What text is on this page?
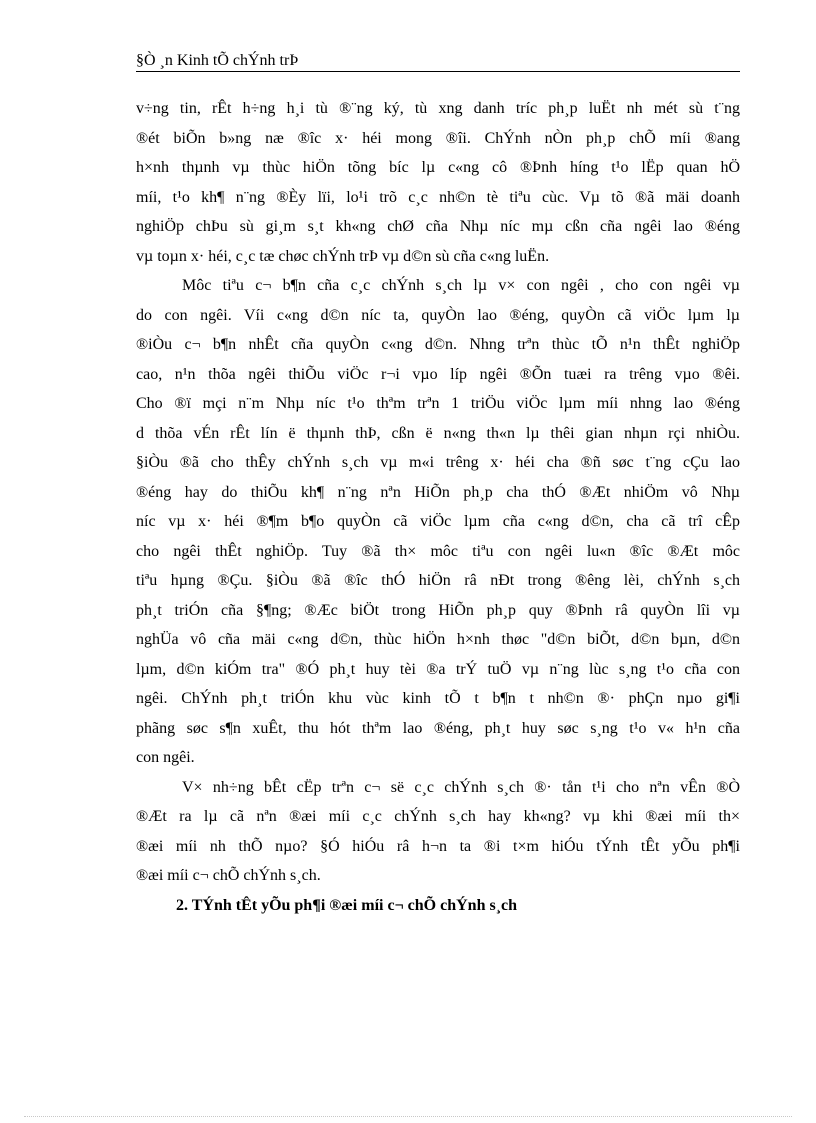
§Ò ¸n Kinh tÕ chÝnh trÞ
v÷ng tin, rÊt h÷ng h¸i tù ®¨ng ký, tù xng danh tríc ph¸p luËt nh mét sù t¨ng
®ét biÕn b»ng næ ®îc x· héi mong ®îi. ChÝnh nÒn ph¸p chÕ míi ®ang
h×nh thµnh vµ thùc hiÖn tõng bíc lµ c«ng cô ®Þnh híng t¹o lËp quan hÖ
míi, t¹o kh¶ n¨ng ®Èy lïi, lo¹i trõ c¸c nh©n tè tiªu cùc. Vµ tõ ®ã mäi doanh
nghiÖp chÞu sù gi¸m s¸t kh«ng chØ cña Nhµ níc mµ cßn cña ngêi lao ®éng
vµ toµn x· héi, c¸c tæ chøc chÝnh trÞ vµ d©n sù cña c«ng luËn.
Môc tiªu c¬ b¶n cña c¸c chÝnh s¸ch lµ v× con ngêi , cho con ngêi vµ
do con ngêi. Víi c«ng d©n níc ta, quyÒn lao ®éng, quyÒn cã viÖc lµm lµ
®iÒu c¬ b¶n nhÊt cña quyÒn c«ng d©n. Nhng trªn thùc tÕ n¹n thÊt nghiÖp
cao, n¹n thõa ngêi thiÕu viÖc r¬i vµo líp ngêi ®Õn tuæi ra trêng vµo ®êi.
Cho ®ï mçi n¨m Nhµ níc t¹o thªm trªn 1 triÖu viÖc lµm míi nhng lao ®éng
d thõa vÉn rÊt lín ë thµnh thÞ, cßn ë n«ng th«n lµ thêi gian nhµn rçi nhiÒu.
§iÒu ®ã cho thÊy chÝnh s¸ch vµ m«i trêng x· héi cha ®ñ søc t¨ng cÇu lao
®éng hay do thiÕu kh¶ n¨ng nªn HiÕn ph¸p cha thÓ ®Æt nhiÖm vô Nhµ
níc vµ x· héi ®¶m b¶o quyÒn cã viÖc lµm cña c«ng d©n, cha cã trî cÊp
cho ngêi thÊt nghiÖp. Tuy ®ã th× môc tiªu con ngêi lu«n ®îc ®Æt môc
tiªu hµng ®Çu. §iÒu ®ã ®îc thÓ hiÖn râ nÐt trong ®êng lèi, chÝnh s¸ch
ph¸t triÓn cña §¶ng; ®Æc biÖt trong HiÕn ph¸p quy ®Þnh râ quyÒn lîi vµ
nghÜa vô cña mäi c«ng d©n, thùc hiÖn h×nh thøc "d©n biÕt, d©n bµn, d©n
lµm, d©n kiÓm tra" ®Ó ph¸t huy tèi ®a trÝ tuÖ vµ n¨ng lùc s¸ng t¹o cña con
ngêi. ChÝnh ph¸t triÓn khu vùc kinh tÕ t b¶n t nh©n ®· phÇn nµo gi¶i
phãng søc s¶n xuÊt, thu hót thªm lao ®éng, ph¸t huy søc s¸ng t¹o v« h¹n cña
con ngêi.
V× nh÷ng bÊt cËp trªn c¬ së c¸c chÝnh s¸ch ®· tån t¹i cho nªn vÊn ®Ò
®Æt ra lµ cã nªn ®æi míi c¸c chÝnh s¸ch hay kh«ng? vµ khi ®æi míi th×
®æi míi nh thÕ nµo? §Ó hiÓu râ h¬n ta ®i t×m hiÓu tÝnh tÊt yÕu ph¶i
®æi míi c¬ chÕ chÝnh s¸ch.
2. TÝnh tÊt yÕu ph¶i ®æi míi c¬ chÕ chÝnh s¸ch
